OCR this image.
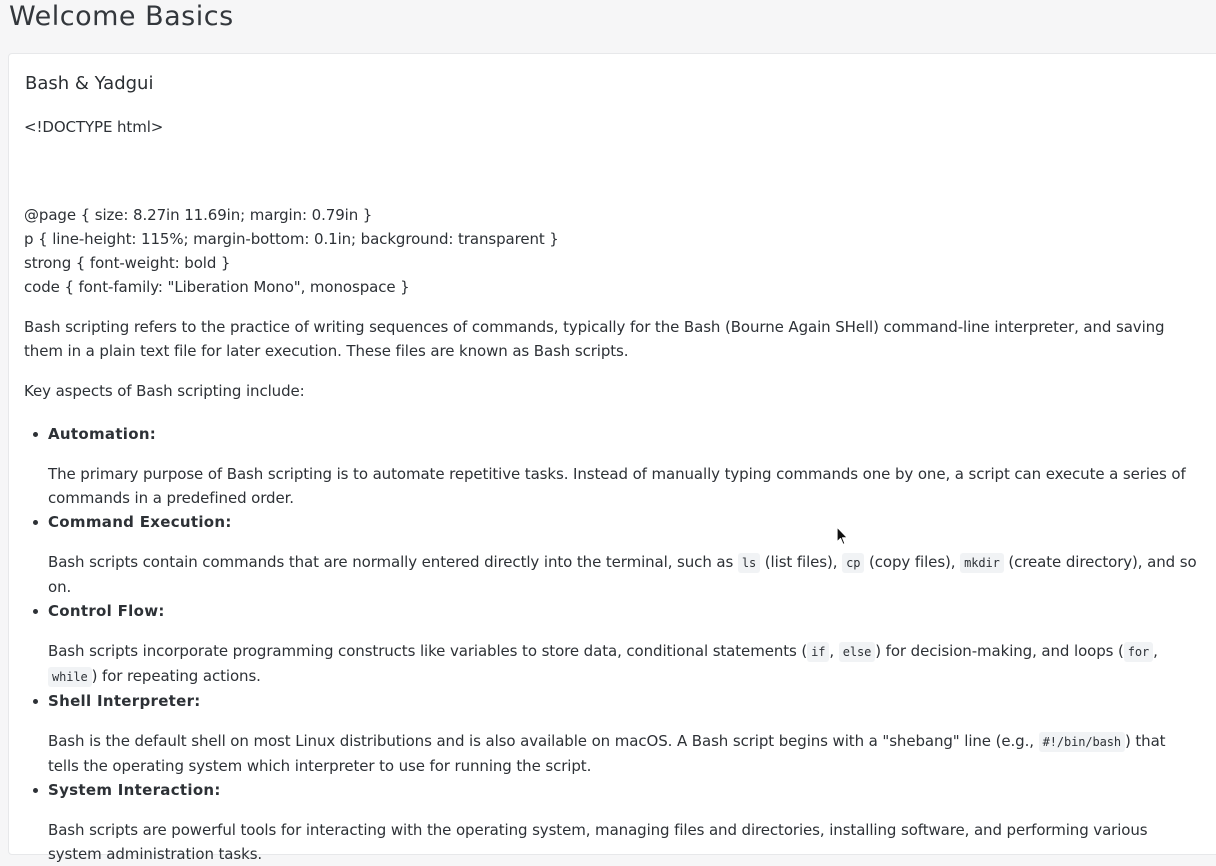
Welcome Basics
Bash & Yadgui
<!DOCTYPE html>
@page { size: 8.27in 11.69in; margin: 0.79in }
p { line-height: 115%; margin-bottom: 0.1in; background: transparent }
strong { font-weight: bold }
code { font-family: "Liberation Mono", monospace }
Bash scripting refers to the practice of writing sequences of commands, typically for the Bash (Bourne Again SHell) command-line interpreter, and saving them in a plain text file for later execution. These files are known as Bash scripts.
Key aspects of Bash scripting include:
Automation:
The primary purpose of Bash scripting is to automate repetitive tasks. Instead of manually typing commands one by one, a script can execute a series of commands in a predefined order.
Command Execution:
Bash scripts contain commands that are normally entered directly into the terminal, such as ls (list files), cp (copy files), mkdir (create directory), and so on.
Control Flow:
Bash scripts incorporate programming constructs like variables to store data, conditional statements ( if , else ) for decision-making, and loops ( for , while ) for repeating actions.
Shell Interpreter:
Bash is the default shell on most Linux distributions and is also available on macOS. A Bash script begins with a "shebang" line (e.g., #!/bin/bash ) that tells the operating system which interpreter to use for running the script.
System Interaction:
Bash scripts are powerful tools for interacting with the operating system, managing files and directories, installing software, and performing various system administration tasks.
